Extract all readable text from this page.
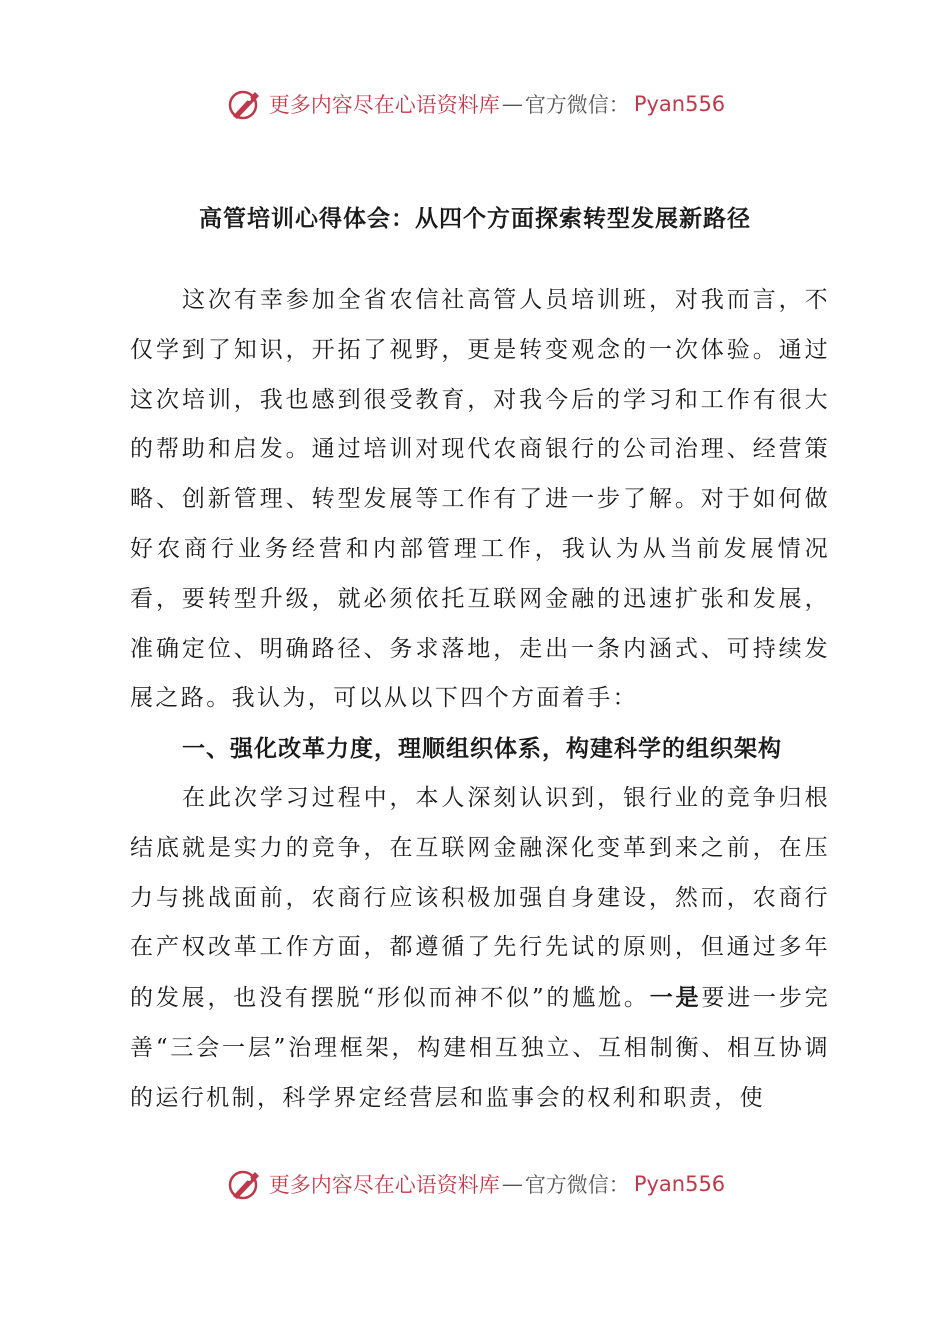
更多内容尽在心语资料库 — 官方微信： Pyan556
高管培训心得体会：从四个方面探索转型发展新路径

这次有幸参加全省农信社高管人员培训班，对我而言，不仅学到了知识，开拓了视野，更是转变观念的一次体验。通过这次培训，我也感到很受教育，对我今后的学习和工作有很大的帮助和启发。通过培训对现代农商银行的公司治理、经营策略、创新管理、转型发展等工作有了进一步了解。对于如何做好农商行业务经营和内部管理工作，我认为从当前发展情况看，要转型升级，就必须依托互联网金融的迅速扩张和发展，准确定位、明确路径、务求落地，走出一条内涵式、可持续发展之路。我认为，可以从以下四个方面着手：

一、强化改革力度，理顺组织体系，构建科学的组织架构

在此次学习过程中，本人深刻认识到，银行业的竞争归根结底就是实力的竞争，在互联网金融深化变革到来之前，在压力与挑战面前，农商行应该积极加强自身建设，然而，农商行在产权改革工作方面，都遵循了先行先试的原则，但通过多年的发展，也没有摆脱“形似而神不似”的尴尬。一是要进一步完善“三会一层”治理框架，构建相互独立、互相制衡、相互协调的运行机制，科学界定经营层和监事会的权利和职责，使

更多内容尽在心语资料库 — 官方微信： Pyan556
